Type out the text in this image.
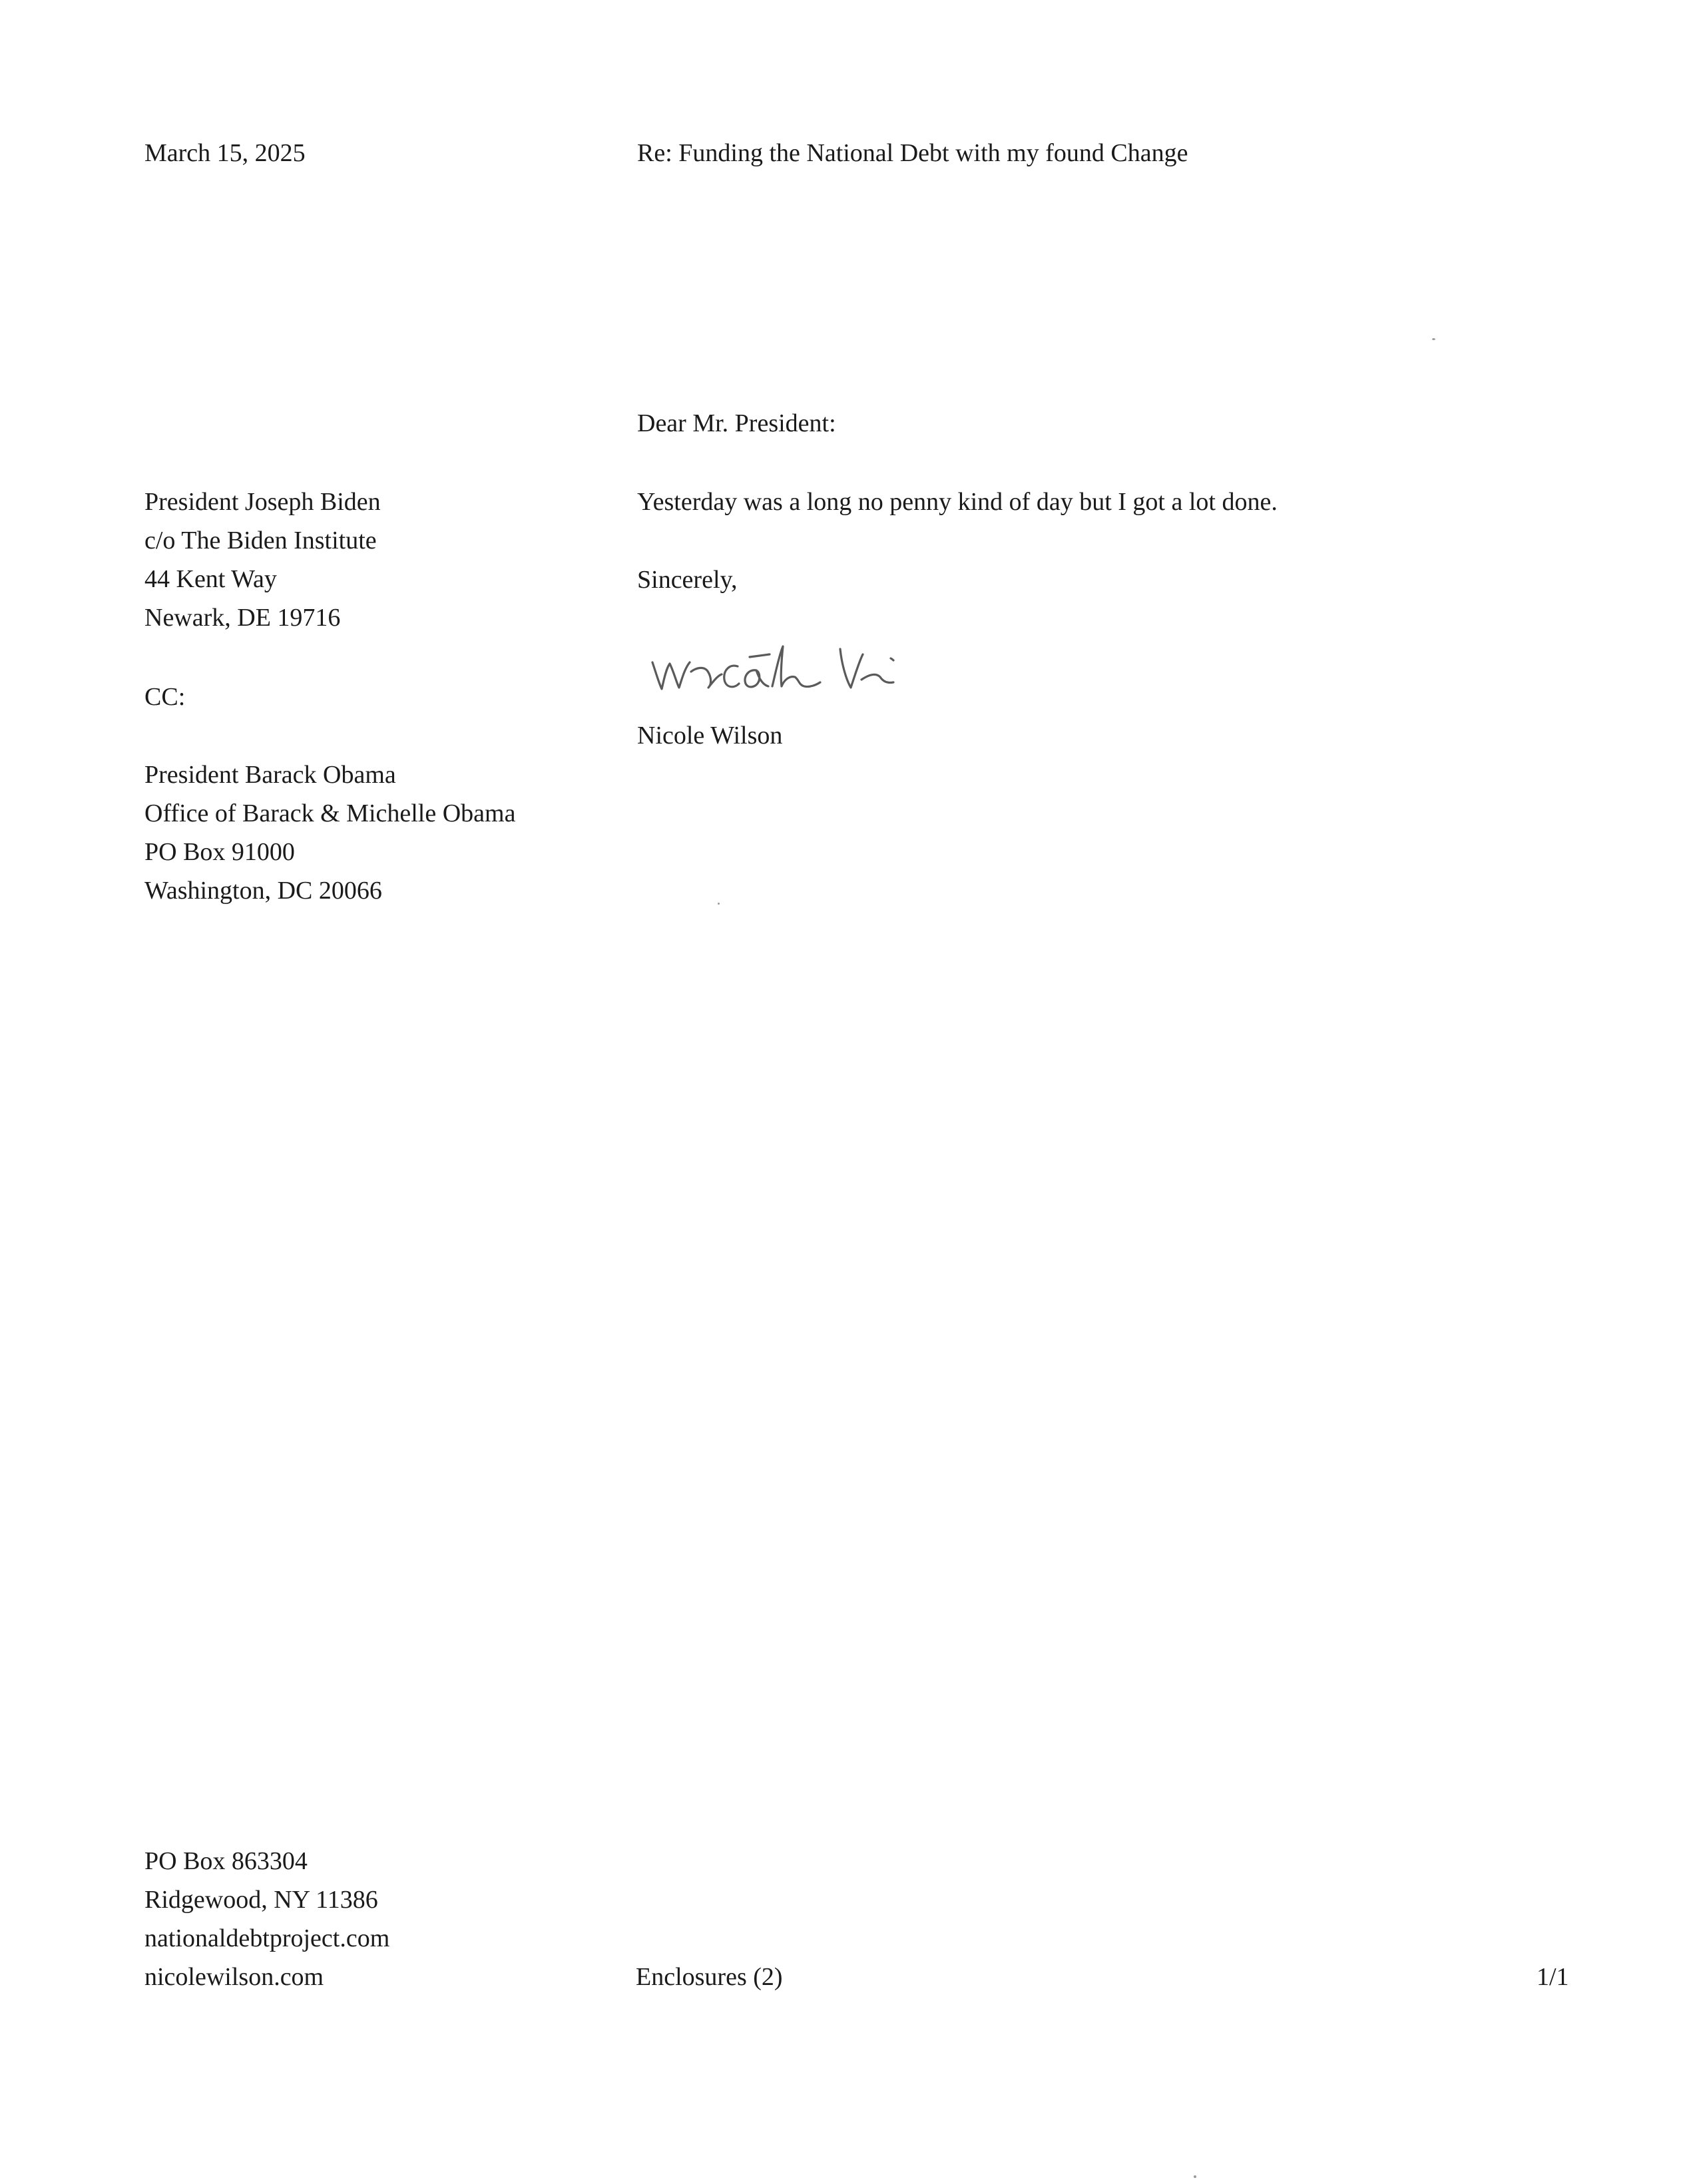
March 15, 2025	Re: Funding the National Debt with my found Change
Dear Mr. President:
President Joseph Biden
c/o The Biden Institute
44 Kent Way
Newark, DE 19716
Yesterday was a long no penny kind of day but I got a lot done.
Sincerely,
Nicole Wilson
CC:
President Barack Obama
Office of Barack & Michelle Obama
PO Box 91000
Washington, DC 20066
PO Box 863304
Ridgewood, NY 11386
nationaldebtproject.com
nicolewilson.com	Enclosures (2)	1/1
